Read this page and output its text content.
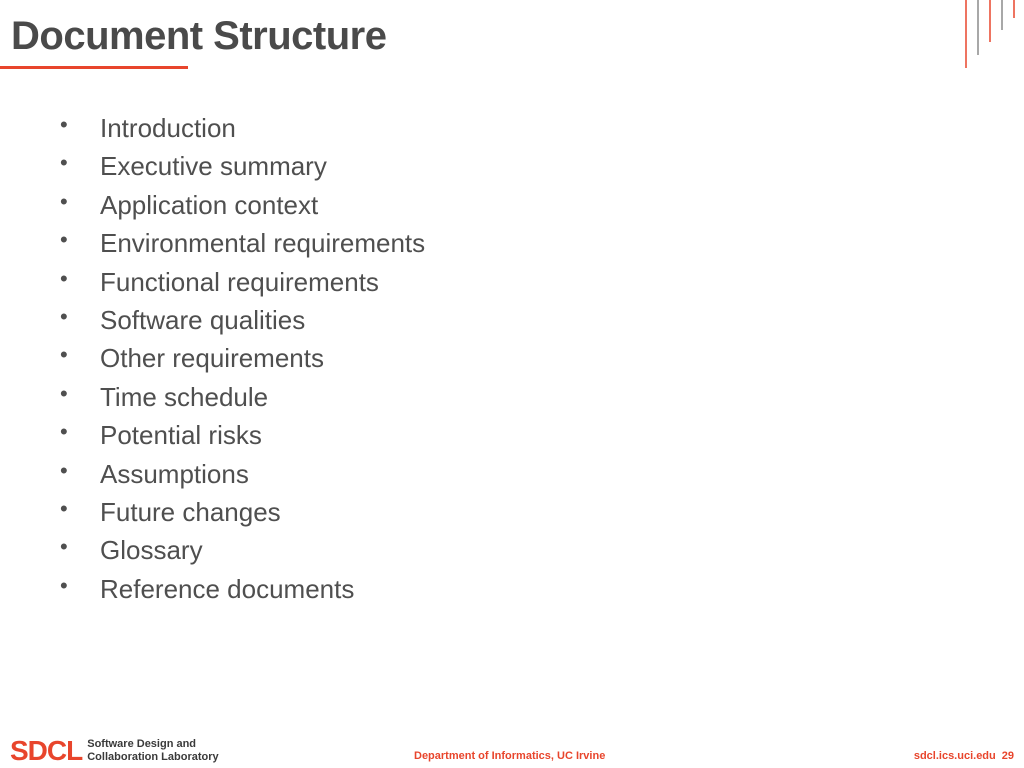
Document Structure
•	Introduction
•	Executive summary
•	Application context
•	Environmental requirements
•	Functional requirements
•	Software qualities
•	Other requirements
•	Time schedule
•	Potential risks
•	Assumptions
•	Future changes
•	Glossary
•	Reference documents
SDCL Software Design and
Collaboration Laboratory	Department of Informatics, UC Irvine	sdcl.ics.uci.edu 29
